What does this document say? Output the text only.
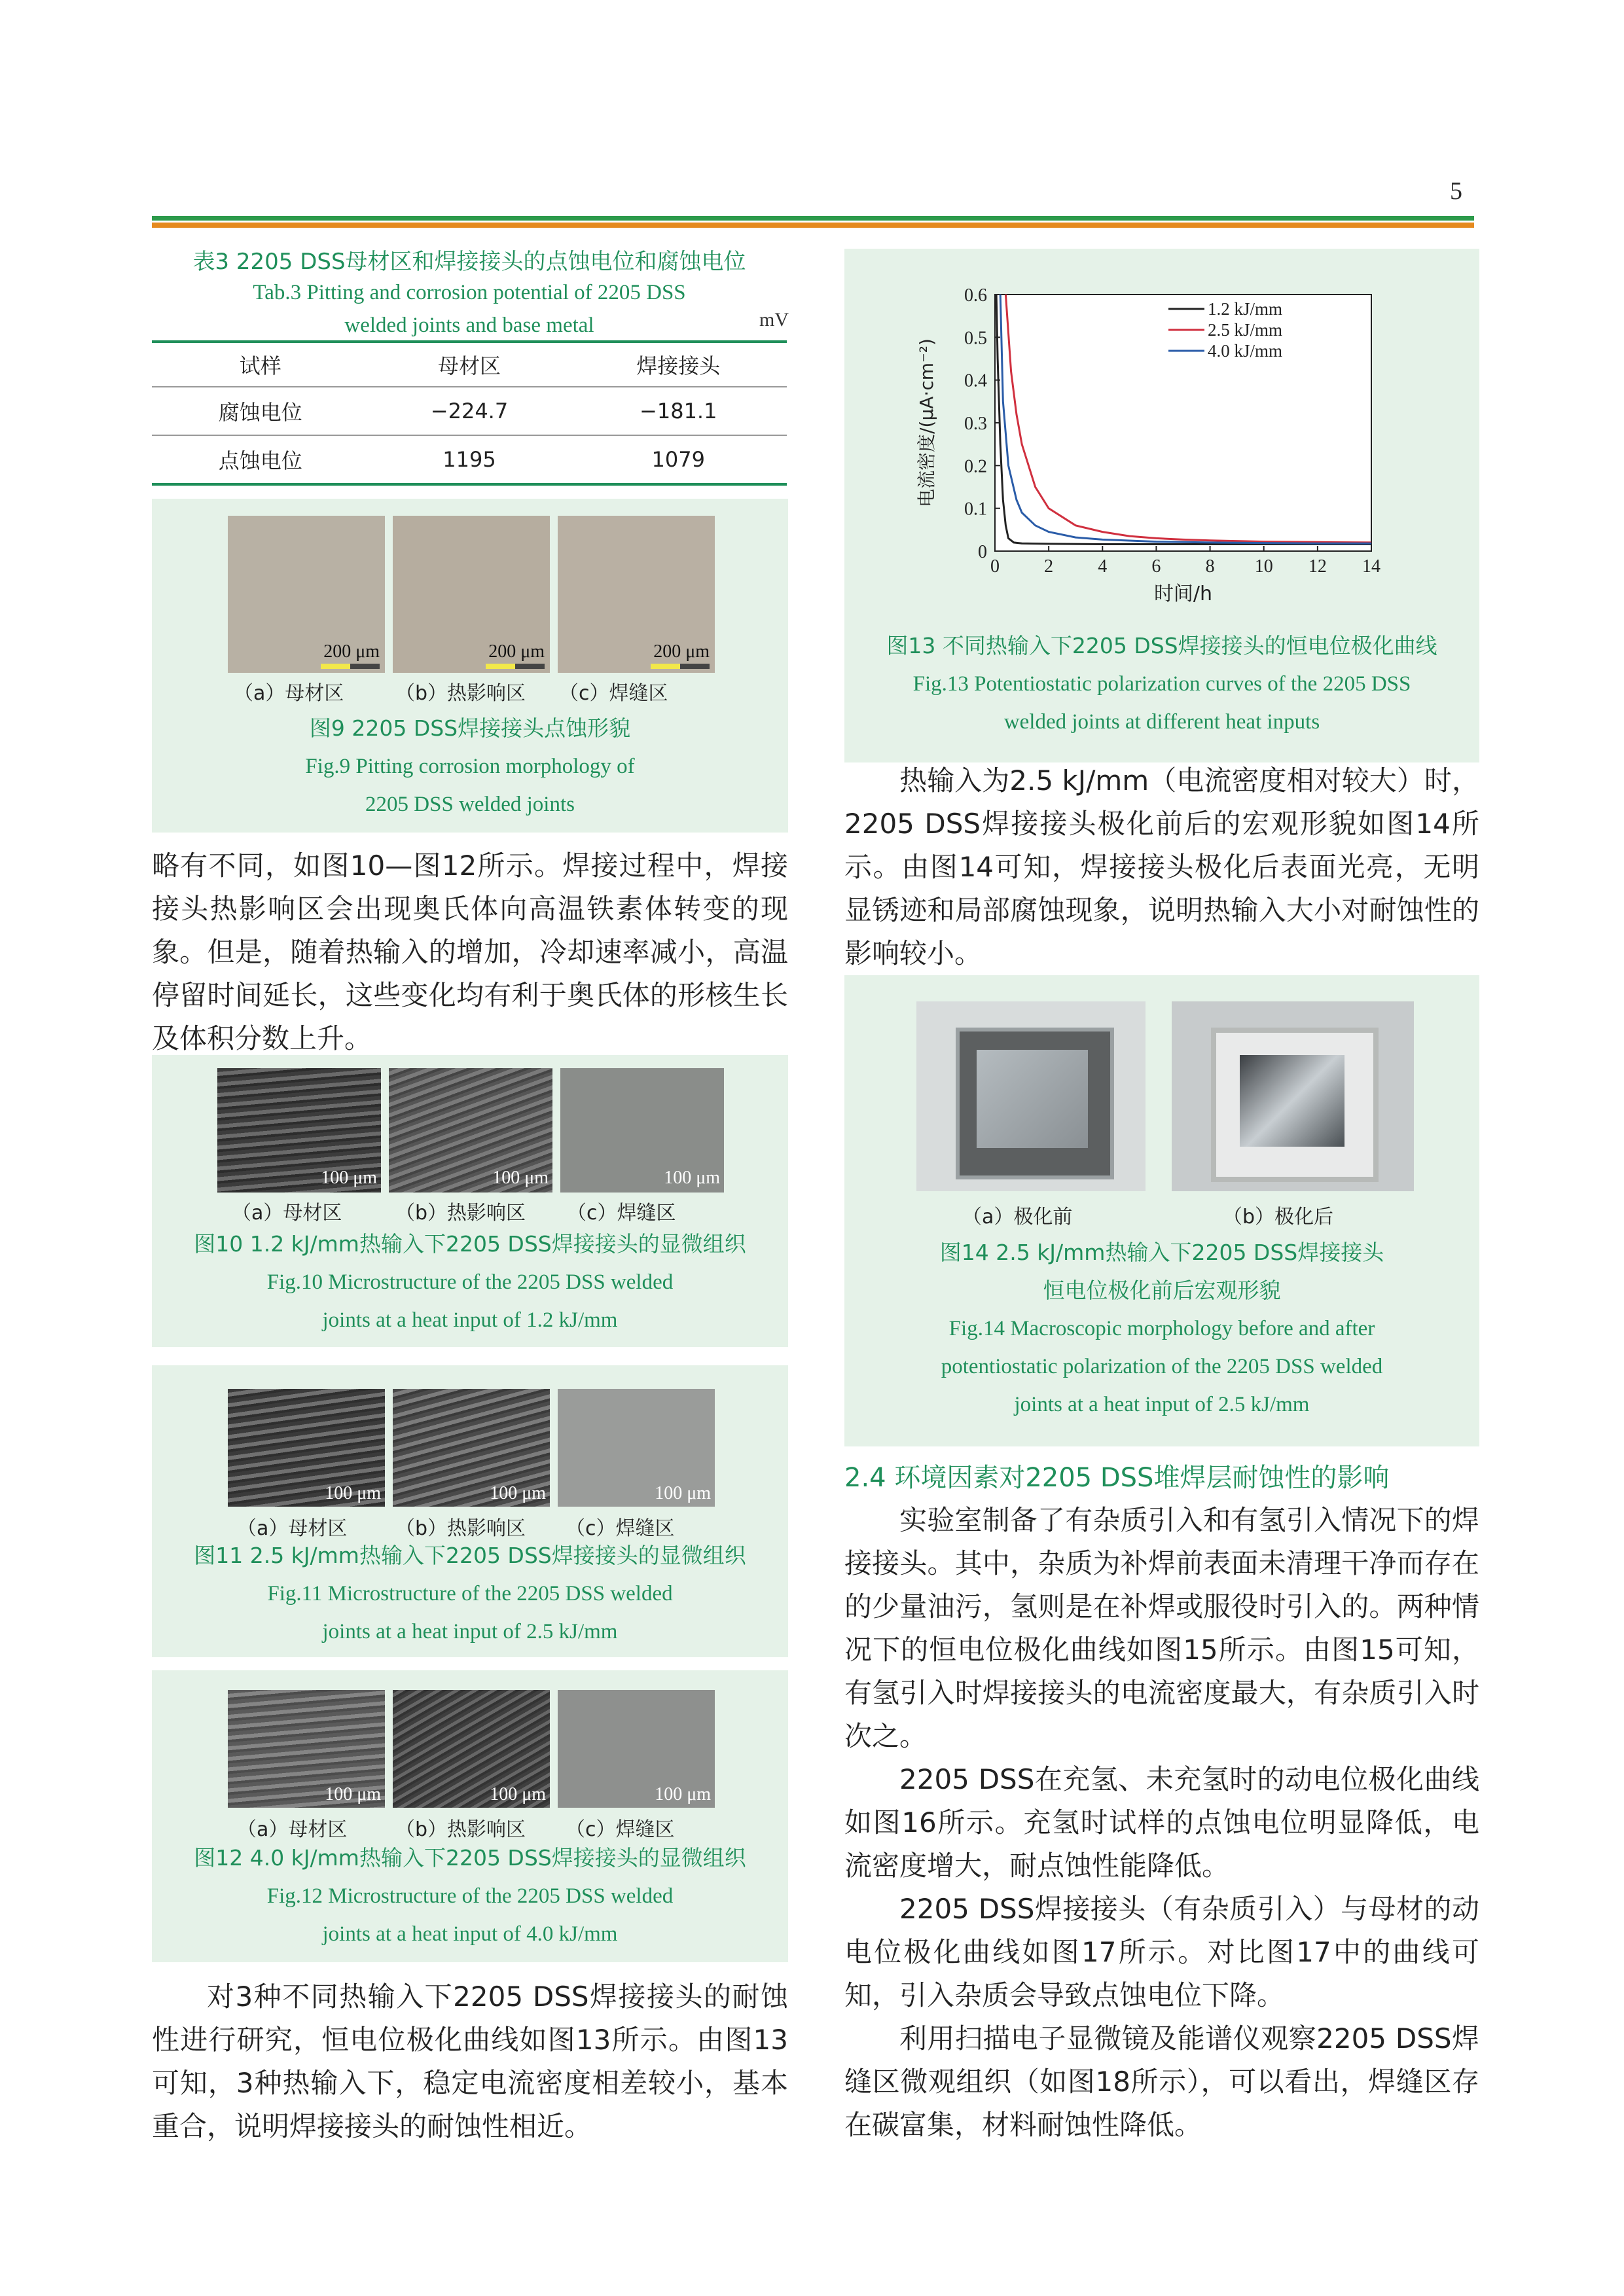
5
表3 2205 DSS母材区和焊接接头的点蚀电位和腐蚀电位
Tab.3 Pitting and corrosion potential of 2205 DSS
welded joints and base metal	mV
试样	母材区	焊接接头
腐蚀电位	−224.7	−181.1
点蚀电位	1195	1079
200 μm	200 μm	200 μm
（a）母材区	（b）热影响区 （c）焊缝区
图9 2205 DSS焊接接头点蚀形貌
Fig.9 Pitting corrosion morphology of
2205 DSS welded joints

略有不同，如图10—图12所示。焊接过程中，焊接接头热影响区会出现奥氏体向高温铁素体转变的现象。但是，随着热输入的增加，冷却速率减小，高温停留时间延长，这些变化均有利于奥氏体的形核生长及体积分数上升。

100 μm	100 μm	100 μm
（a）母材区	（b）热影响区 （c）焊缝区
图10 1.2 kJ/mm热输入下2205 DSS焊接接头的显微组织
Fig.10 Microstructure of the 2205 DSS welded
joints at a heat input of 1.2 kJ/mm
100 μm	100 μm	100 μm
（a）母材区 （b）热影响区 （c）焊缝区
图11 2.5 kJ/mm热输入下2205 DSS焊接接头的显微组织
Fig.11 Microstructure of the 2205 DSS welded
joints at a heat input of 2.5 kJ/mm
100 μm	100 μm	100 μm
（a）母材区 （b）热影响区 （c）焊缝区
图12 4.0 kJ/mm热输入下2205 DSS焊接接头的显微组织
Fig.12 Microstructure of the 2205 DSS welded
joints at a heat input of 4.0 kJ/mm

对3种不同热输入下2205 DSS焊接接头的耐蚀性进行研究，恒电位极化曲线如图13所示。由图13可知，3种热输入下，稳定电流密度相差较小，基本重合，说明焊接接头的耐蚀性相近。

0 2 4 6 8 10 12 14
0
0.1
0.2
0.3
0.4
0.5
0.6
时间/h
电流密度/(μA·cm⁻²)
1.2 kJ/mm
2.5 kJ/mm
4.0 kJ/mm
图13 不同热输入下2205 DSS焊接接头的恒电位极化曲线
Fig.13 Potentiostatic polarization curves of the 2205 DSS
welded joints at different heat inputs

热输入为2.5 kJ/mm（电流密度相对较大）时，2205 DSS焊接接头极化前后的宏观形貌如图14所示。由图14可知，焊接接头极化后表面光亮，无明显锈迹和局部腐蚀现象，说明热输入大小对耐蚀性的影响较小。

（a）极化前	（b）极化后
图14 2.5 kJ/mm热输入下2205 DSS焊接接头
恒电位极化前后宏观形貌
Fig.14 Macroscopic morphology before and after
potentiostatic polarization of the 2205 DSS welded
joints at a heat input of 2.5 kJ/mm
2.4 环境因素对2205 DSS堆焊层耐蚀性的影响

实验室制备了有杂质引入和有氢引入情况下的焊接接头。其中，杂质为补焊前表面未清理干净而存在的少量油污，氢则是在补焊或服役时引入的。两种情况下的恒电位极化曲线如图15所示。由图15可知，有氢引入时焊接接头的电流密度最大，有杂质引入时次之。

2205 DSS在充氢、未充氢时的动电位极化曲线如图16所示。充氢时试样的点蚀电位明显降低，电流密度增大，耐点蚀性能降低。

2205 DSS焊接接头（有杂质引入）与母材的动电位极化曲线如图17所示。对比图17中的曲线可知，引入杂质会导致点蚀电位下降。

利用扫描电子显微镜及能谱仪观察2205 DSS焊缝区微观组织（如图18所示），可以看出，焊缝区存在碳富集，材料耐蚀性降低。
